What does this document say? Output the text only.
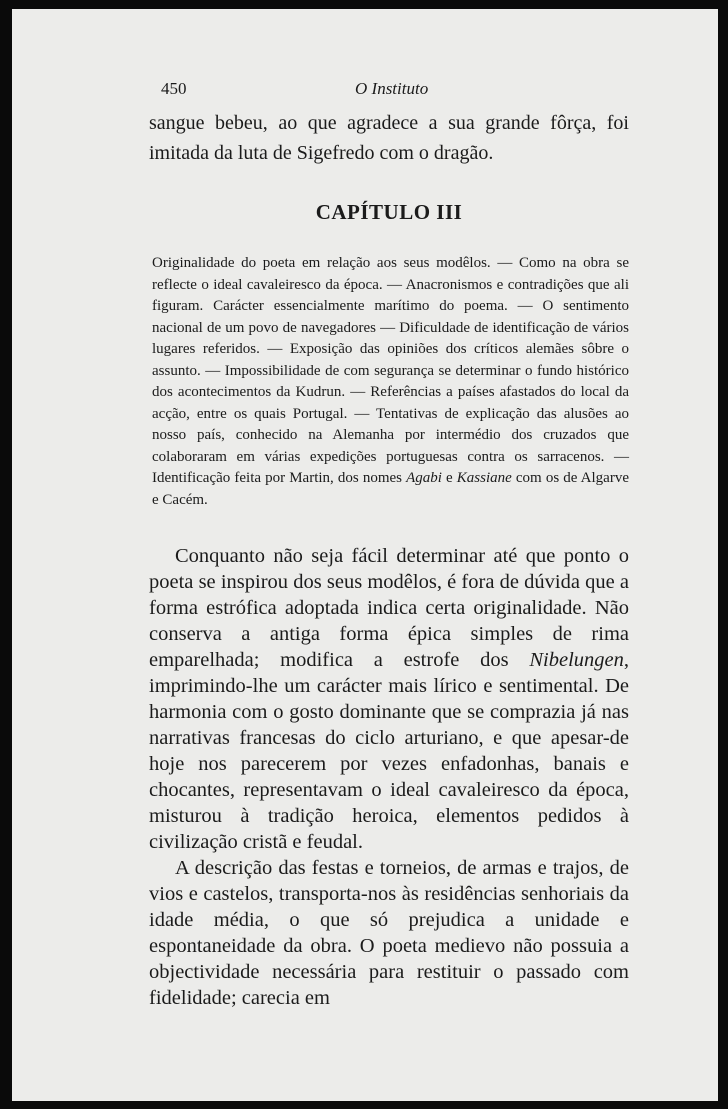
450	O Instituto

sangue bebeu, ao que agradece a sua grande fôrça, foi imitada da luta de Sigefredo com o dragão.

CAPÍTULO III

Originalidade do poeta em relação aos seus modêlos. — Como na obra se reflecte o ideal cavaleiresco da época. — Anacronismos e contradições que ali figuram. Carácter essencialmente marítimo do poema. — O sentimento nacional de um povo de navegadores — Dificuldade de identificação de vários lugares referidos. — Exposição das opiniões dos críticos alemães sôbre o assunto. — Impossibilidade de com segurança se determinar o fundo histórico dos acontecimentos da Kudrun. — Referências a países afastados do local da acção, entre os quais Portugal. — Tentativas de explicação das alusões ao nosso país, conhecido na Alemanha por intermédio dos cruzados que colaboraram em várias expedições portuguesas contra os sarracenos. — Identificação feita por Martin, dos nomes Agabi e Kassiane com os de Algarve e Cacém.

Conquanto não seja fácil determinar até que ponto o poeta se inspirou dos seus modêlos, é fora de dúvida que a forma estrófica adoptada indica certa originalidade. Não conserva a antiga forma épica simples de rima emparelhada; modifica a estrofe dos Nibelungen, imprimindo-lhe um carácter mais lírico e sentimental. De harmonia com o gosto dominante que se comprazia já nas narrativas francesas do ciclo arturiano, e que apesar-de hoje nos parecerem por vezes enfadonhas, banais e chocantes, representavam o ideal cavaleiresco da época, misturou à tradição heroica, elementos pedidos à civilização cristã e feudal.

A descrição das festas e torneios, de armas e trajos, de vios e castelos, transporta-nos às residências senhoriais da idade média, o que só prejudica a unidade e espontaneidade da obra. O poeta medievo não possuia a objectividade necessária para restituir o passado com fidelidade; carecia em
